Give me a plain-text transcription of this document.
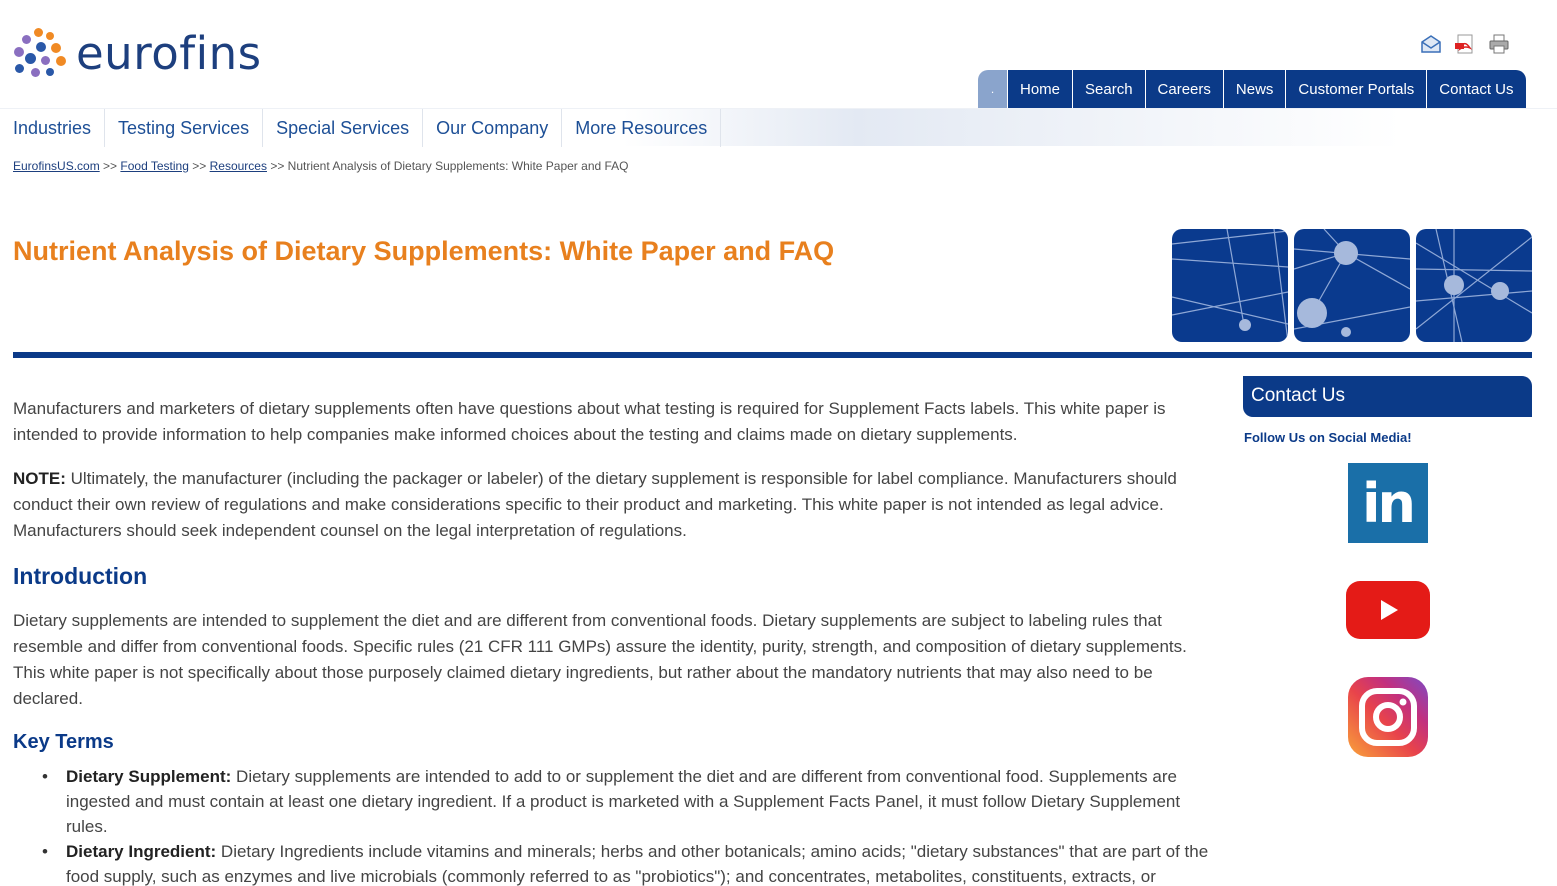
eurofins
.	Home	Search	Careers	News	Customer Portals	Contact Us
Industries	Testing Services	Special Services	Our Company	More Resources
EurofinsUS.com >> Food Testing >> Resources >> Nutrient Analysis of Dietary Supplements: White Paper and FAQ
Nutrient Analysis of Dietary Supplements: White Paper and FAQ

Manufacturers and marketers of dietary supplements often have questions about what testing is required for Supplement Facts labels. This white paper is intended to provide information to help companies make informed choices about the testing and claims made on dietary supplements.

NOTE: Ultimately, the manufacturer (including the packager or labeler) of the dietary supplement is responsible for label compliance. Manufacturers should conduct their own review of regulations and make considerations specific to their product and marketing. This white paper is not intended as legal advice. Manufacturers should seek independent counsel on the legal interpretation of regulations.

Introduction

Dietary supplements are intended to supplement the diet and are different from conventional foods. Dietary supplements are subject to labeling rules that resemble and differ from conventional foods. Specific rules (21 CFR 111 GMPs) assure the identity, purity, strength, and composition of dietary supplements. This white paper is not specifically about those purposely claimed dietary ingredients, but rather about the mandatory nutrients that may also need to be declared.

Key Terms
• Dietary Supplement: Dietary supplements are intended to add to or supplement the diet and are different from conventional food. Supplements are ingested and must contain at least one dietary ingredient. If a product is marketed with a Supplement Facts Panel, it must follow Dietary Supplement rules.
• Dietary Ingredient: Dietary Ingredients include vitamins and minerals; herbs and other botanicals; amino acids; "dietary substances" that are part of the food supply, such as enzymes and live microbials (commonly referred to as "probiotics"); and concentrates, metabolites, constituents, extracts, or
Contact Us
Follow Us on Social Media!
in
